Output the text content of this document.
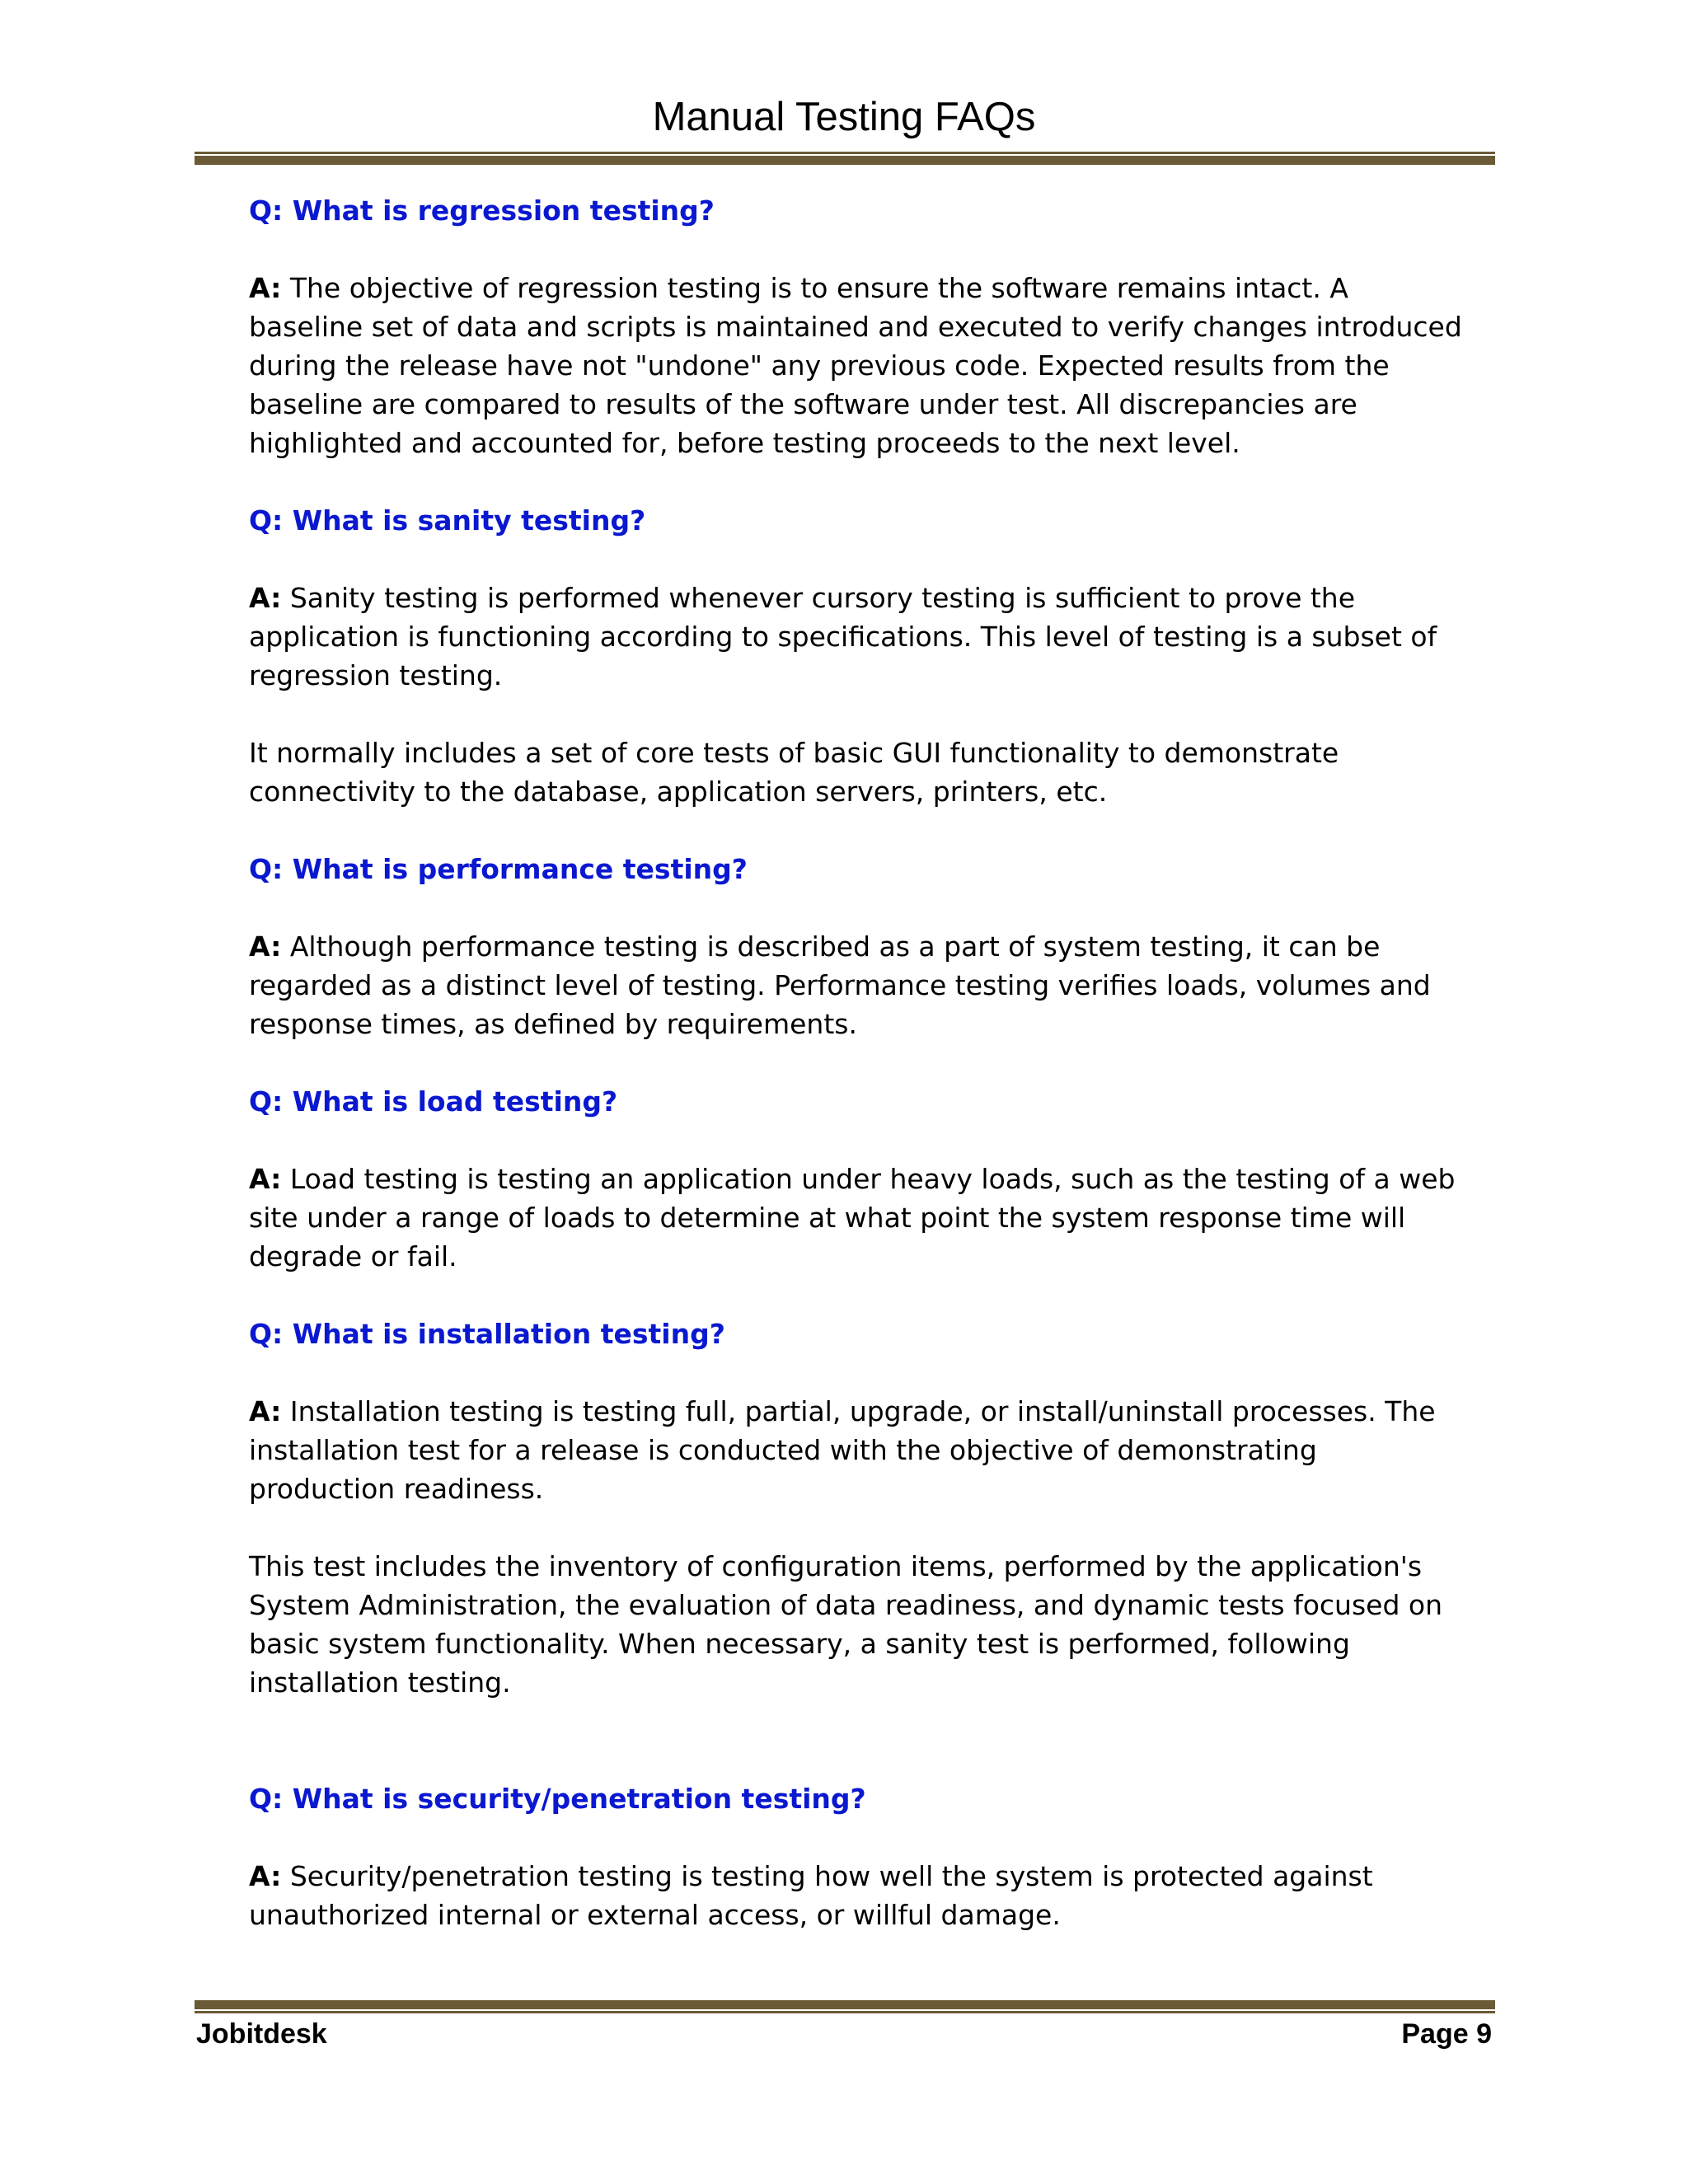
Manual Testing FAQs
Q: What is regression testing?
A: The objective of regression testing is to ensure the software remains intact. A
baseline set of data and scripts is maintained and executed to verify changes introduced
during the release have not "undone" any previous code. Expected results from the
baseline are compared to results of the software under test. All discrepancies are
highlighted and accounted for, before testing proceeds to the next level.
Q: What is sanity testing?
A: Sanity testing is performed whenever cursory testing is sufficient to prove the
application is functioning according to specifications. This level of testing is a subset of
regression testing.
It normally includes a set of core tests of basic GUI functionality to demonstrate
connectivity to the database, application servers, printers, etc.
Q: What is performance testing?
A: Although performance testing is described as a part of system testing, it can be
regarded as a distinct level of testing. Performance testing verifies loads, volumes and
response times, as defined by requirements.
Q: What is load testing?
A: Load testing is testing an application under heavy loads, such as the testing of a web
site under a range of loads to determine at what point the system response time will
degrade or fail.
Q: What is installation testing?
A: Installation testing is testing full, partial, upgrade, or install/uninstall processes. The
installation test for a release is conducted with the objective of demonstrating
production readiness.
This test includes the inventory of configuration items, performed by the application's
System Administration, the evaluation of data readiness, and dynamic tests focused on
basic system functionality. When necessary, a sanity test is performed, following
installation testing.
Q: What is security/penetration testing?
A: Security/penetration testing is testing how well the system is protected against
unauthorized internal or external access, or willful damage.
Jobitdesk	Page 9
